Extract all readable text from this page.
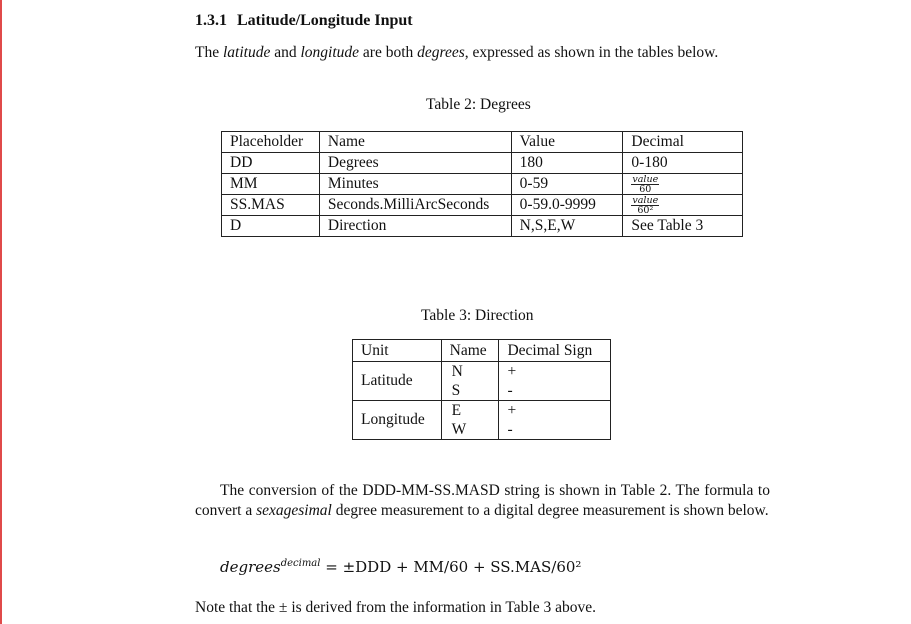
1.3.1 Latitude/Longitude Input
The latitude and longitude are both degrees, expressed as shown in the tables below.
Table 2: Degrees
Placeholder	Name	Value	Decimal
DD	Degrees	180	0-180
MM	Minutes	0-59	$\frac{\text{value}}{60}$

SS.MAS	Seconds.MilliArcSeconds	0-59.0-9999	$\frac{\text{value}}{\text{60²}}$

D	Direction	N,S,E,W	See Table 3
Table 3: Direction
Unit	Name	Decimal Sign
Latitude	N	+
	S	-
Longitude	E	+
	W	-
The conversion of the DDD-MM-SS.MASD string is shown in Table 2. The formula to convert a sexagesimal degree measurement to a digital degree measurement is shown below.
degrees$^{decimal}$ = ±DDD + MM/60 + SS.MAS/60²
Note that the ± is derived from the information in Table 3 above.
